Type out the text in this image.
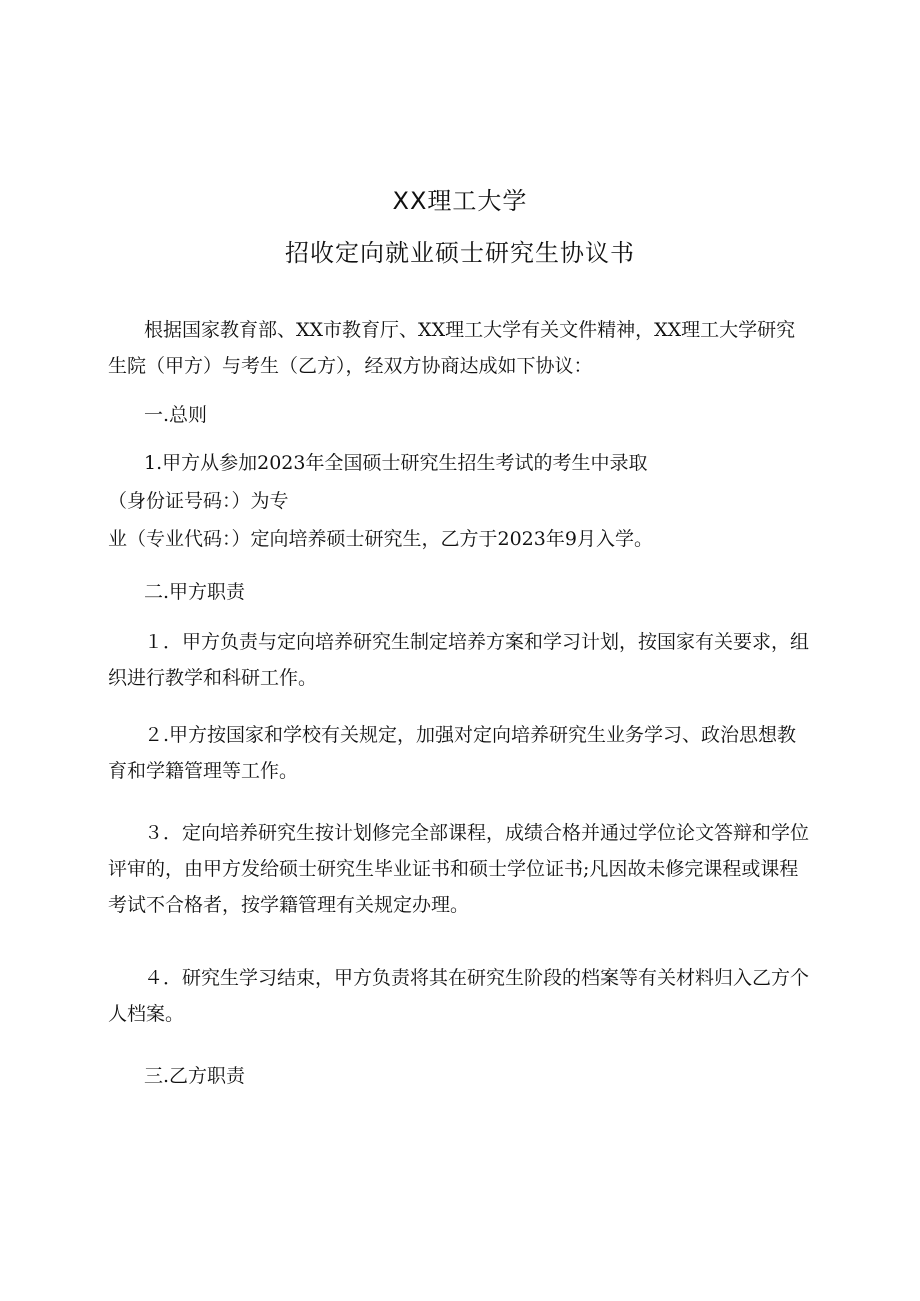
XX理工大学
招收定向就业硕士研究生协议书

根据国家教育部、XX市教育厅、XX理工大学有关文件精神，XX理工大学研究生院（甲方）与考生（乙方），经双方协商达成如下协议：

一.总则

1.甲方从参加2023年全国硕士研究生招生考试的考生中录取

（身份证号码：）为专

业（专业代码：）定向培养硕士研究生，乙方于2023年9月入学。

二.甲方职责

１．甲方负责与定向培养研究生制定培养方案和学习计划，按国家有关要求，组织进行教学和科研工作。

２.甲方按国家和学校有关规定，加强对定向培养研究生业务学习、政治思想教育和学籍管理等工作。

３．定向培养研究生按计划修完全部课程，成绩合格并通过学位论文答辩和学位评审的，由甲方发给硕士研究生毕业证书和硕士学位证书;凡因故未修完课程或课程考试不合格者，按学籍管理有关规定办理。

４．研究生学习结束，甲方负责将其在研究生阶段的档案等有关材料归入乙方个人档案。

三.乙方职责
